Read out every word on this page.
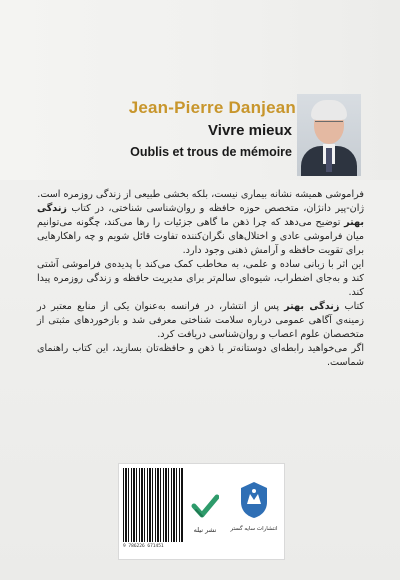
Jean-Pierre Danjean
Vivre mieux
Oublis et trous de mémoire

فراموشی همیشه نشانه بیماری نیست، بلکه بخشی طبیعی از زندگی روزمره است.

ژان-پیر دانژان، متخصص حوزه حافظه و روان‌شناسی شناختی، در کتاب زندگی بهتر توضیح می‌دهد که چرا ذهن ما گاهی جزئیات را رها می‌کند، چگونه می‌توانیم میان فراموشی عادی و اختلال‌های نگران‌کننده تفاوت قائل شویم و چه راهکارهایی برای تقویت حافظه و آرامش ذهنی وجود دارد.

این اثر با زبانی ساده و علمی، به مخاطب کمک می‌کند با پدیده‌ی فراموشی آشتی کند و به‌جای اضطراب، شیوه‌ای سالم‌تر برای مدیریت حافظه و زندگی روزمره پیدا کند.

کتاب زندگی بهتر پس از انتشار، در فرانسه به‌عنوان یکی از منابع معتبر در زمینه‌ی آگاهی عمومی درباره سلامت شناختی معرفی شد و بازخوردهای مثبتی از متخصصان علوم اعصاب و روان‌شناسی دریافت کرد.

اگر می‌خواهید رابطه‌ای دوستانه‌تر با ذهن و حافظه‌تان بسازید، این کتاب راهنمای شماست.

9 786226 671451
نشر نیله	انتشارات سایه گستر
